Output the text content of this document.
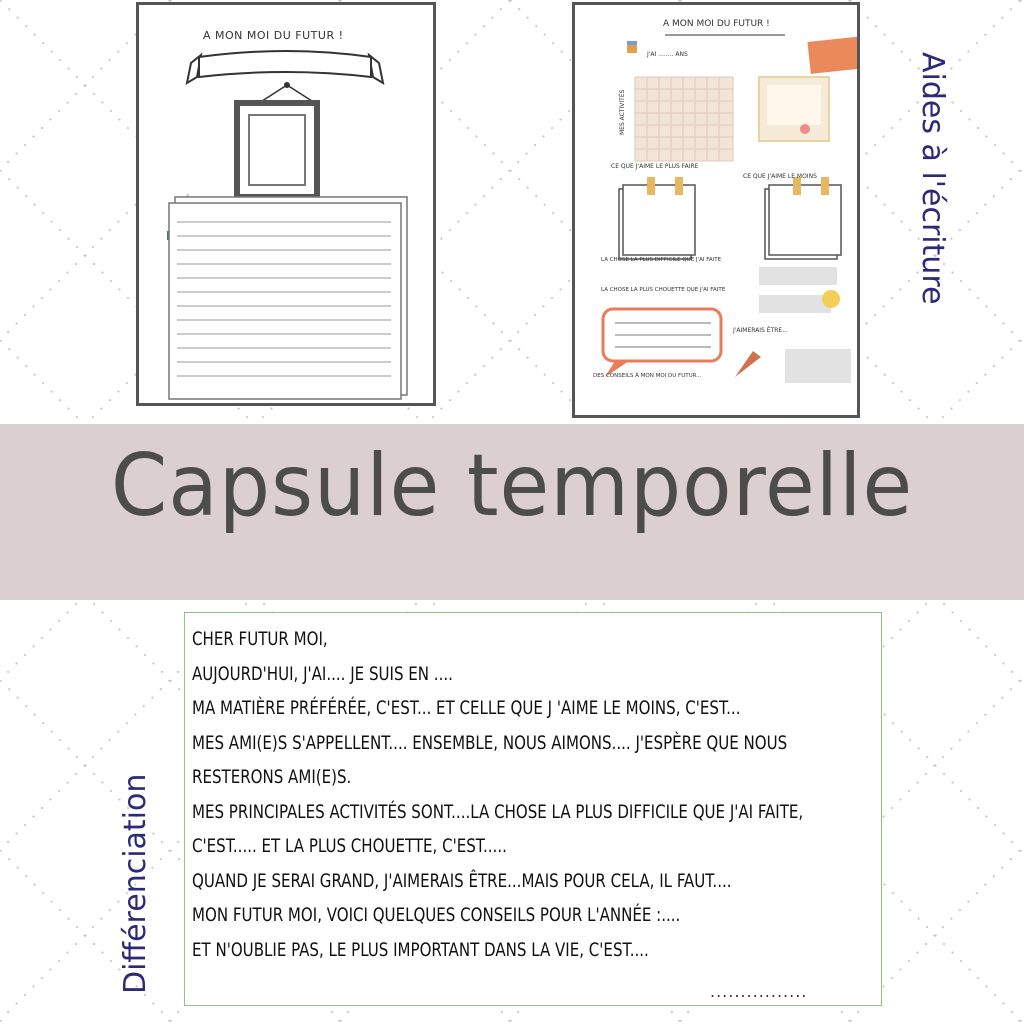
A MON MOI DU FUTUR !
A MON MOI DU FUTUR !
J'AI ........ ANS
MES ACTIVITÉS
CE QUE J'AIME LE PLUS FAIRE
CE QUE J'AIME LE MOINS
LA CHOSE LA PLUS DIFFICILE QUE J'AI FAITE
LA CHOSE LA PLUS CHOUETTE QUE J'AI FAITE
J'AIMERAIS ÊTRE...
DES CONSEILS À MON MOI DU FUTUR...
Aides à l'écriture
Différenciation
Capsule temporelle
CHER FUTUR MOI,
AUJOURD'HUI, J'AI.... JE SUIS EN ....
MA MATIÈRE PRÉFÉRÉE, C'EST... ET CELLE QUE J 'AIME LE MOINS, C'EST...
MES AMI(E)S S'APPELLENT.... ENSEMBLE, NOUS AIMONS.... J'ESPÈRE QUE NOUS
RESTERONS AMI(E)S.
MES PRINCIPALES ACTIVITÉS SONT....LA CHOSE LA PLUS DIFFICILE QUE J'AI FAITE,
C'EST..... ET LA PLUS CHOUETTE, C'EST.....
QUAND JE SERAI GRAND, J'AIMERAIS ÊTRE...MAIS POUR CELA, IL FAUT....
MON FUTUR MOI, VOICI QUELQUES CONSEILS POUR L'ANNÉE :....
ET N'OUBLIE PAS, LE PLUS IMPORTANT DANS LA VIE, C'EST....
................
